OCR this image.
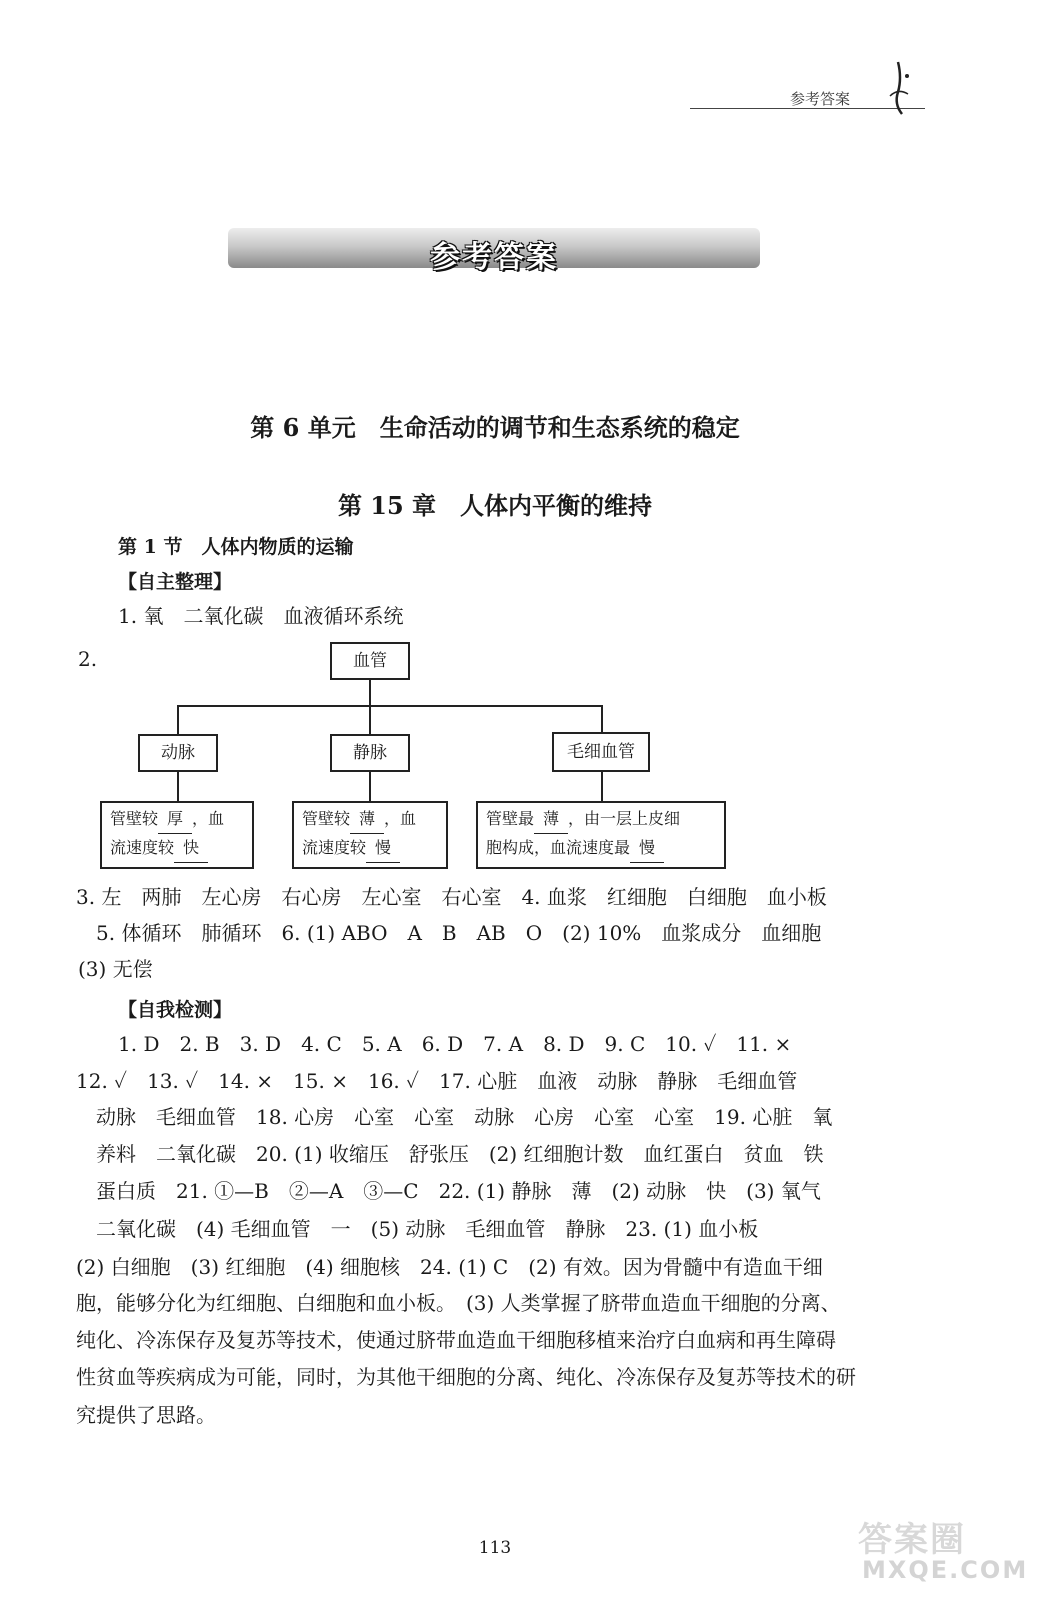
参考答案
参考答案
第 6 单元　生命活动的调节和生态系统的稳定
第 15 章　人体内平衡的维持
第 1 节　人体内物质的运输
【自主整理】
1. 氧　二氧化碳　血液循环系统
2.	血管
动脉	静脉	毛细血管
管壁较 厚 ，血
流速度较 快
管壁较 薄 ，血
流速度较 慢
管壁最 薄 ，由一层上皮细
胞构成，血流速度最 慢
3. 左　两肺　左心房　右心房　左心室　右心室　4. 血浆　红细胞　白细胞　血小板
5. 体循环　肺循环　6. (1) ABO　A　B　AB　O　(2) 10%　血浆成分　血细胞
(3) 无偿
【自我检测】
1. D　2. B　3. D　4. C　5. A　6. D　7. A　8. D　9. C　10. ✓　11. ×
12. ✓　13. ✓　14. ×　15. ×　16. ✓　17. 心脏　血液　动脉　静脉　毛细血管
动脉　毛细血管　18. 心房　心室　心室　动脉　心房　心室　心室　19. 心脏　氧
养料　二氧化碳　20. (1) 收缩压　舒张压　(2) 红细胞计数　血红蛋白　贫血　铁
蛋白质　21. ①—B　②—A　③—C　22. (1) 静脉　薄　(2) 动脉　快　(3) 氧气
二氧化碳　(4) 毛细血管　一　(5) 动脉　毛细血管　静脉　23. (1) 血小板
(2) 白细胞　(3) 红细胞　(4) 细胞核　24. (1) C　(2) 有效。因为骨髓中有造血干细
胞，能够分化为红细胞、白细胞和血小板。　(3) 人类掌握了脐带血造血干细胞的分离、
纯化、冷冻保存及复苏等技术，使通过脐带血造血干细胞移植来治疗白血病和再生障碍
性贫血等疾病成为可能，同时，为其他干细胞的分离、纯化、冷冻保存及复苏等技术的研
究提供了思路。
113	答案圈
MXQE.COM
